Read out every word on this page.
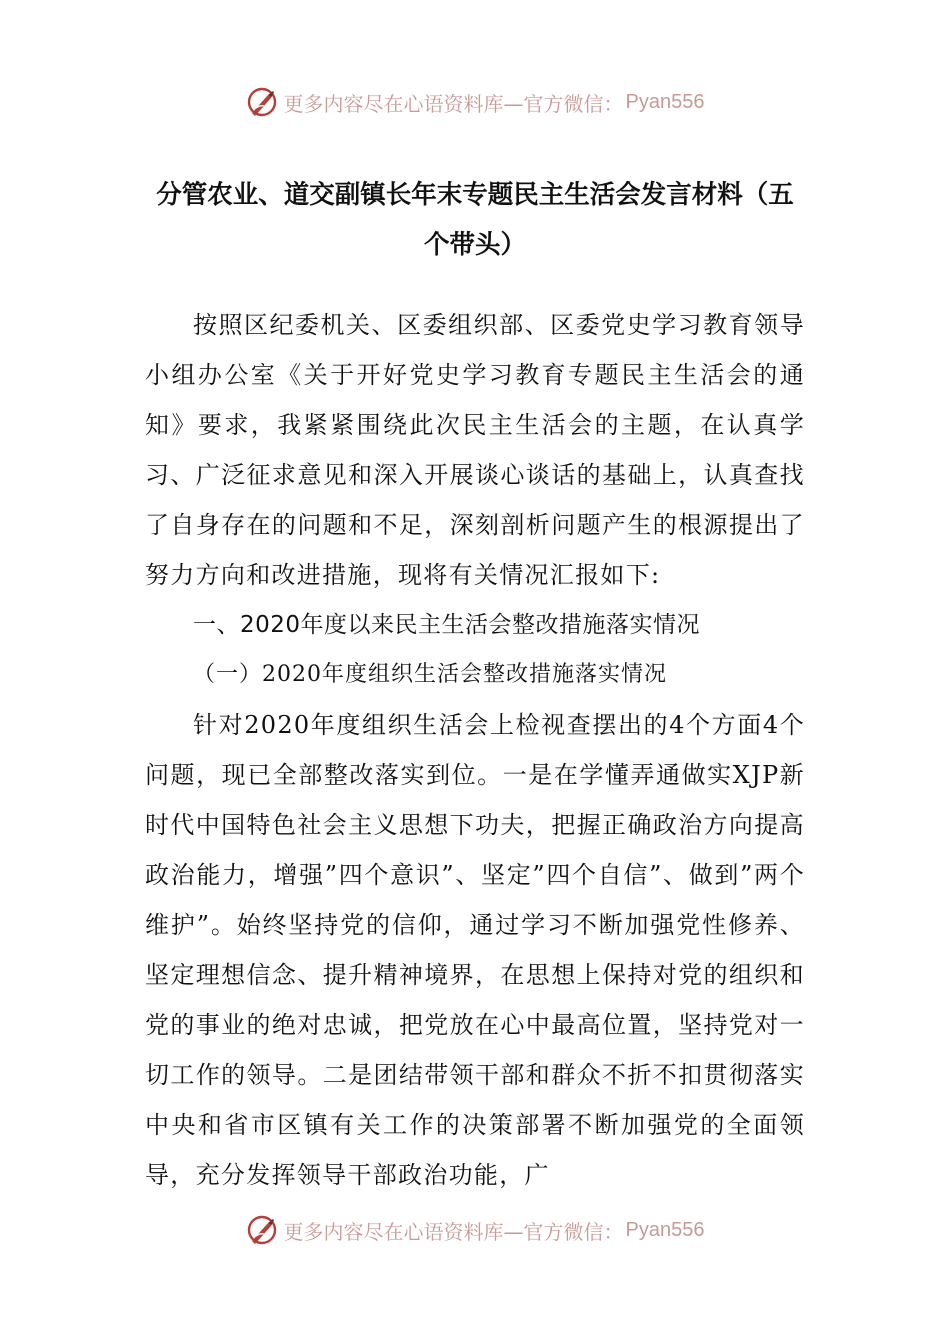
更多内容尽在心语资料库—官方微信： Pyan556
分管农业、道交副镇长年末专题民主生活会发言材料（五个带头）

按照区纪委机关、区委组织部、区委党史学习教育领导小组办公室《关于开好党史学习教育专题民主生活会的通知》要求，我紧紧围绕此次民主生活会的主题，在认真学习、广泛征求意见和深入开展谈心谈话的基础上，认真查找了自身存在的问题和不足，深刻剖析问题产生的根源提出了努力方向和改进措施，现将有关情况汇报如下:

一、2020年度以来民主生活会整改措施落实情况

（一）2020年度组织生活会整改措施落实情况

针对2020年度组织生活会上检视查摆出的4个方面4个问题，现已全部整改落实到位。一是在学懂弄通做实XJP新时代中国特色社会主义思想下功夫，把握正确政治方向提高政治能力，增强”四个意识”、坚定”四个自信”、做到”两个维护”。始终坚持党的信仰，通过学习不断加强党性修养、坚定理想信念、提升精神境界，在思想上保持对党的组织和党的事业的绝对忠诚，把党放在心中最高位置，坚持党对一切工作的领导。二是团结带领干部和群众不折不扣贯彻落实中央和省市区镇有关工作的决策部署不断加强党的全面领导，充分发挥领导干部政治功能，广

更多内容尽在心语资料库—官方微信： Pyan556
